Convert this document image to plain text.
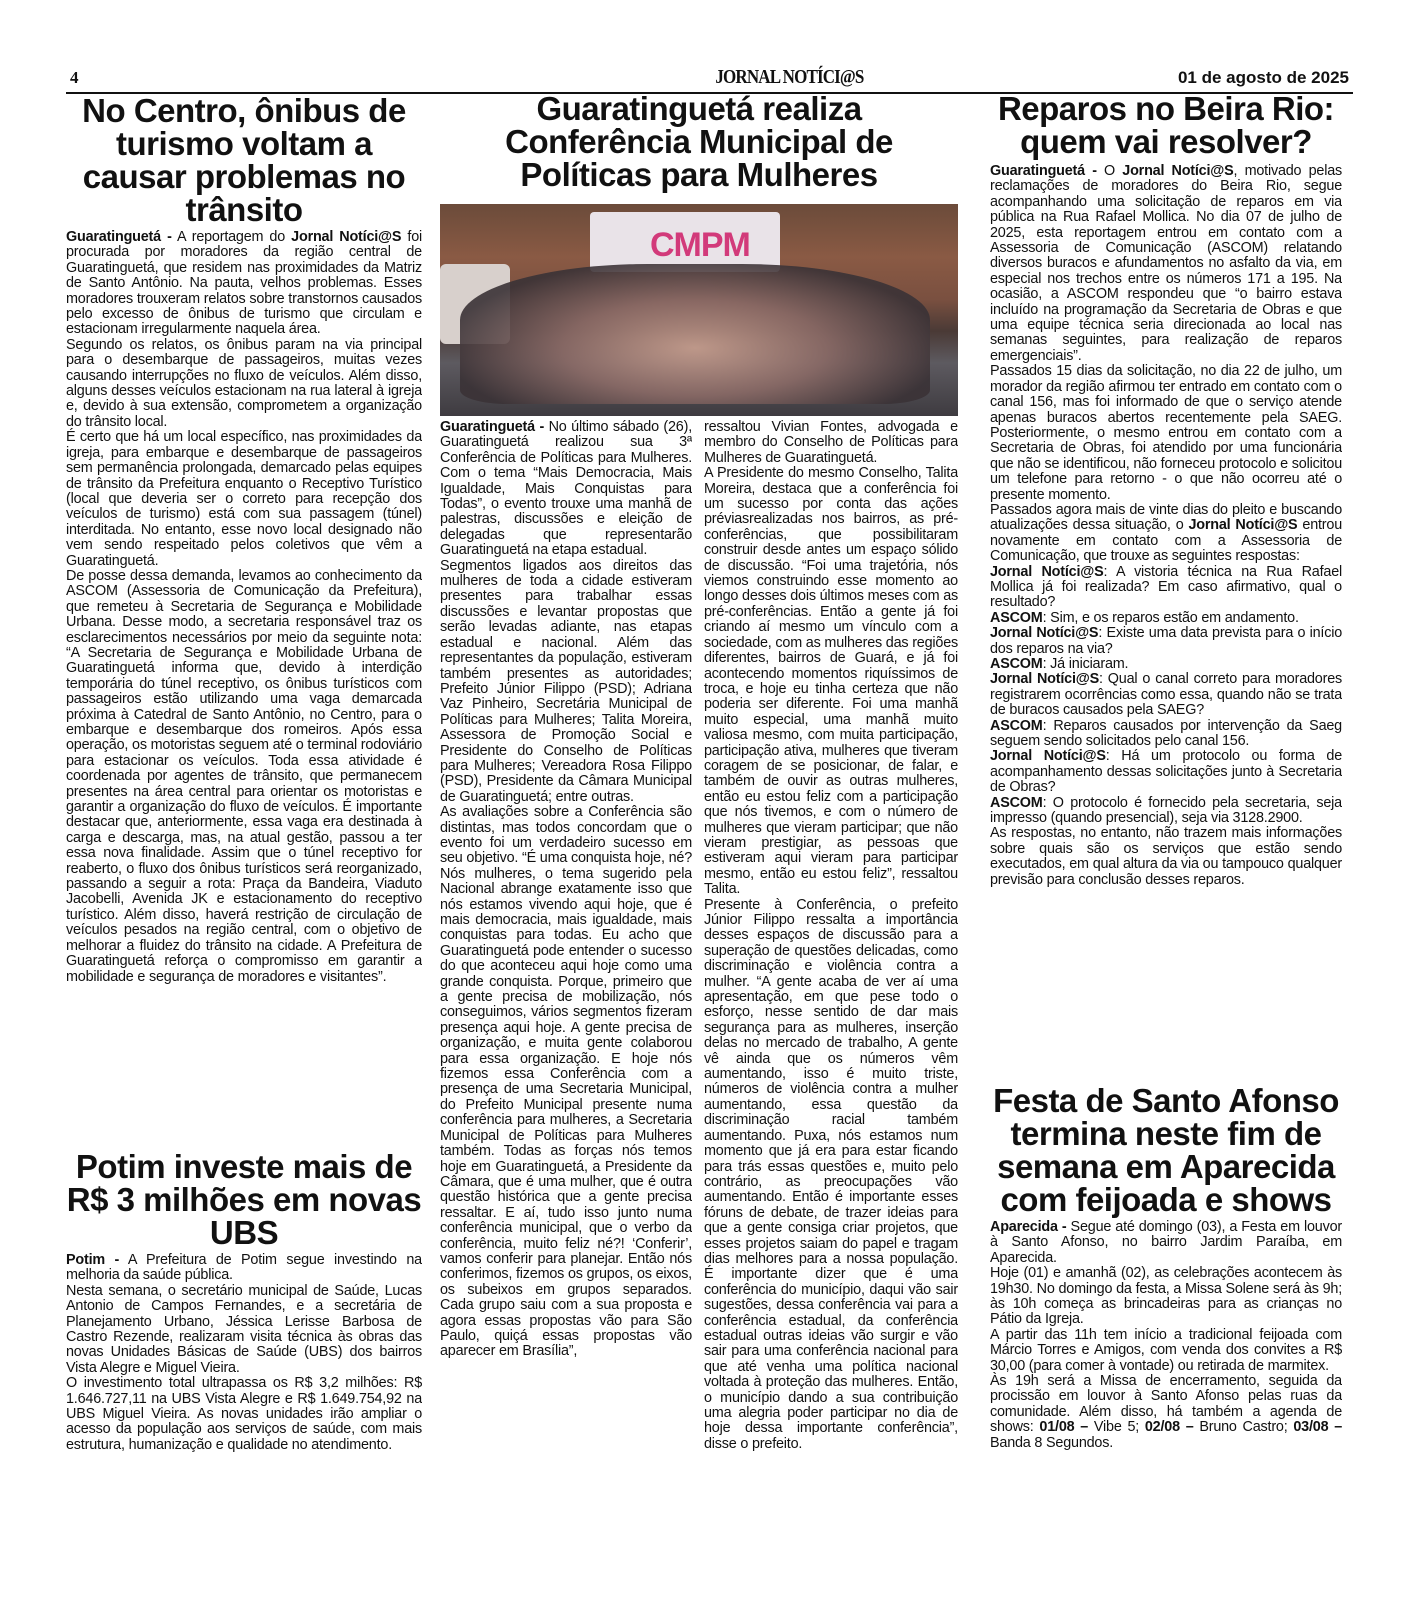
4	JORNAL NOTÍCI@S	01 de agosto de 2025
No Centro, ônibus de turismo voltam a causar problemas no trânsito

Guaratinguetá - A reportagem do Jornal Notíci@S foi procurada por moradores da região central de Guaratinguetá, que residem nas proximidades da Matriz de Santo Antônio. Na pauta, velhos problemas. Esses moradores trouxeram relatos sobre transtornos causados pelo excesso de ônibus de turismo que circulam e estacionam irregularmente naquela área.

Segundo os relatos, os ônibus param na via principal para o desembarque de passageiros, muitas vezes causando interrupções no fluxo de veículos. Além disso, alguns desses veículos estacionam na rua lateral à igreja e, devido à sua extensão, comprometem a organização do trânsito local.

É certo que há um local específico, nas proximidades da igreja, para embarque e desembarque de passageiros sem permanência prolongada, demarcado pelas equipes de trânsito da Prefeitura enquanto o Receptivo Turístico (local que deveria ser o correto para recepção dos veículos de turismo) está com sua passagem (túnel) interditada. No entanto, esse novo local designado não vem sendo respeitado pelos coletivos que vêm a Guaratinguetá.

De posse dessa demanda, levamos ao conhecimento da ASCOM (Assessoria de Comunicação da Prefeitura), que remeteu à Secretaria de Segurança e Mobilidade Urbana. Desse modo, a secretaria responsável traz os esclarecimentos necessários por meio da seguinte nota: “A Secretaria de Segurança e Mobilidade Urbana de Guaratinguetá informa que, devido à interdição temporária do túnel receptivo, os ônibus turísticos com passageiros estão utilizando uma vaga demarcada próxima à Catedral de Santo Antônio, no Centro, para o embarque e desembarque dos romeiros. Após essa operação, os motoristas seguem até o terminal rodoviário para estacionar os veículos. Toda essa atividade é coordenada por agentes de trânsito, que permanecem presentes na área central para orientar os motoristas e garantir a organização do fluxo de veículos. É importante destacar que, anteriormente, essa vaga era destinada à carga e descarga, mas, na atual gestão, passou a ter essa nova finalidade. Assim que o túnel receptivo for reaberto, o fluxo dos ônibus turísticos será reorganizado, passando a seguir a rota: Praça da Bandeira, Viaduto Jacobelli, Avenida JK e estacionamento do receptivo turístico. Além disso, haverá restrição de circulação de veículos pesados na região central, com o objetivo de melhorar a fluidez do trânsito na cidade. A Prefeitura de Guaratinguetá reforça o compromisso em garantir a mobilidade e segurança de moradores e visitantes”.

Potim investe mais de R$ 3 milhões em novas UBS

Potim - A Prefeitura de Potim segue investindo na melhoria da saúde pública.

Nesta semana, o secretário municipal de Saúde, Lucas Antonio de Campos Fernandes, e a secretária de Planejamento Urbano, Jéssica Lerisse Barbosa de Castro Rezende, realizaram visita técnica às obras das novas Unidades Básicas de Saúde (UBS) dos bairros Vista Alegre e Miguel Vieira.

O investimento total ultrapassa os R$ 3,2 milhões: R$ 1.646.727,11 na UBS Vista Alegre e R$ 1.649.754,92 na UBS Miguel Vieira. As novas unidades irão ampliar o acesso da população aos serviços de saúde, com mais estrutura, humanização e qualidade no atendimento.

Guaratinguetá realiza Conferência Municipal de Políticas para Mulheres
CMPM

Guaratinguetá - No último sábado (26), Guaratinguetá realizou sua 3ª Conferência de Políticas para Mulheres. Com o tema “Mais Democracia, Mais Igualdade, Mais Conquistas para Todas”, o evento trouxe uma manhã de palestras, discussões e eleição de delegadas que representarão Guaratinguetá na etapa estadual.

Segmentos ligados aos direitos das mulheres de toda a cidade estiveram presentes para trabalhar essas discussões e levantar propostas que serão levadas adiante, nas etapas estadual e nacional. Além das representantes da população, estiveram também presentes as autoridades; Prefeito Júnior Filippo (PSD); Adriana Vaz Pinheiro, Secretária Municipal de Políticas para Mulheres; Talita Moreira, Assessora de Promoção Social e Presidente do Conselho de Políticas para Mulheres; Vereadora Rosa Filippo (PSD), Presidente da Câmara Municipal de Guaratinguetá; entre outras.

As avaliações sobre a Conferência são distintas, mas todos concordam que o evento foi um verdadeiro sucesso em seu objetivo. “É uma conquista hoje, né? Nós mulheres, o tema sugerido pela Nacional abrange exatamente isso que nós estamos vivendo aqui hoje, que é mais democracia, mais igualdade, mais conquistas para todas. Eu acho que Guaratinguetá pode entender o sucesso do que aconteceu aqui hoje como uma grande conquista. Porque, primeiro que a gente precisa de mobilização, nós conseguimos, vários segmentos fizeram presença aqui hoje. A gente precisa de organização, e muita gente colaborou para essa organização. E hoje nós fizemos essa Conferência com a presença de uma Secretaria Municipal, do Prefeito Municipal presente numa conferência para mulheres, a Secretaria Municipal de Políticas para Mulheres também. Todas as forças nós temos hoje em Guaratinguetá, a Presidente da Câmara, que é uma mulher, que é outra questão histórica que a gente precisa ressaltar. E aí, tudo isso junto numa conferência municipal, que o verbo da conferência, muito feliz né?! ‘Conferir’, vamos conferir para planejar. Então nós conferimos, fizemos os grupos, os eixos, os subeixos em grupos separados. Cada grupo saiu com a sua proposta e agora essas propostas vão para São Paulo, quiçá essas propostas vão aparecer em Brasília”,

ressaltou Vivian Fontes, advogada e membro do Conselho de Políticas para Mulheres de Guaratinguetá.

A Presidente do mesmo Conselho, Talita Moreira, destaca que a conferência foi um sucesso por conta das ações préviasrealizadas nos bairros, as pré-conferências, que possibilitaram construir desde antes um espaço sólido de discussão. “Foi uma trajetória, nós viemos construindo esse momento ao longo desses dois últimos meses com as pré-conferências. Então a gente já foi criando aí mesmo um vínculo com a sociedade, com as mulheres das regiões diferentes, bairros de Guará, e já foi acontecendo momentos riquíssimos de troca, e hoje eu tinha certeza que não poderia ser diferente. Foi uma manhã muito especial, uma manhã muito valiosa mesmo, com muita participação, participação ativa, mulheres que tiveram coragem de se posicionar, de falar, e também de ouvir as outras mulheres, então eu estou feliz com a participação que nós tivemos, e com o número de mulheres que vieram participar; que não vieram prestigiar, as pessoas que estiveram aqui vieram para participar mesmo, então eu estou feliz”, ressaltou Talita.

Presente à Conferência, o prefeito Júnior Filippo ressalta a importância desses espaços de discussão para a superação de questões delicadas, como discriminação e violência contra a mulher. “A gente acaba de ver aí uma apresentação, em que pese todo o esforço, nesse sentido de dar mais segurança para as mulheres, inserção delas no mercado de trabalho, A gente vê ainda que os números vêm aumentando, isso é muito triste, números de violência contra a mulher aumentando, essa questão da discriminação racial também aumentando. Puxa, nós estamos num momento que já era para estar ficando para trás essas questões e, muito pelo contrário, as preocupações vão aumentando. Então é importante esses fóruns de debate, de trazer ideias para que a gente consiga criar projetos, que esses projetos saiam do papel e tragam dias melhores para a nossa população. É importante dizer que é uma conferência do município, daqui vão sair sugestões, dessa conferência vai para a conferência estadual, da conferência estadual outras ideias vão surgir e vão sair para uma conferência nacional para que até venha uma política nacional voltada à proteção das mulheres. Então, o município dando a sua contribuição uma alegria poder participar no dia de hoje dessa importante conferência”, disse o prefeito.

Reparos no Beira Rio: quem vai resolver?

Guaratinguetá - O Jornal Notíci@S, motivado pelas reclamações de moradores do Beira Rio, segue acompanhando uma solicitação de reparos em via pública na Rua Rafael Mollica. No dia 07 de julho de 2025, esta reportagem entrou em contato com a Assessoria de Comunicação (ASCOM) relatando diversos buracos e afundamentos no asfalto da via, em especial nos trechos entre os números 171 a 195. Na ocasião, a ASCOM respondeu que “o bairro estava incluído na programação da Secretaria de Obras e que uma equipe técnica seria direcionada ao local nas semanas seguintes, para realização de reparos emergenciais”.

Passados 15 dias da solicitação, no dia 22 de julho, um morador da região afirmou ter entrado em contato com o canal 156, mas foi informado de que o serviço atende apenas buracos abertos recentemente pela SAEG. Posteriormente, o mesmo entrou em contato com a Secretaria de Obras, foi atendido por uma funcionária que não se identificou, não forneceu protocolo e solicitou um telefone para retorno - o que não ocorreu até o presente momento.

Passados agora mais de vinte dias do pleito e buscando atualizações dessa situação, o Jornal Notíci@S entrou novamente em contato com a Assessoria de Comunicação, que trouxe as seguintes respostas:

Jornal Notíci@S: A vistoria técnica na Rua Rafael Mollica já foi realizada? Em caso afirmativo, qual o resultado?

ASCOM: Sim, e os reparos estão em andamento.

Jornal Notíci@S: Existe uma data prevista para o início dos reparos na via?

ASCOM: Já iniciaram.

Jornal Notíci@S: Qual o canal correto para moradores registrarem ocorrências como essa, quando não se trata de buracos causados pela SAEG?

ASCOM: Reparos causados por intervenção da Saeg seguem sendo solicitados pelo canal 156.

Jornal Notíci@S: Há um protocolo ou forma de acompanhamento dessas solicitações junto à Secretaria de Obras?

ASCOM: O protocolo é fornecido pela secretaria, seja impresso (quando presencial), seja via 3128.2900.

As respostas, no entanto, não trazem mais informações sobre quais são os serviços que estão sendo executados, em qual altura da via ou tampouco qualquer previsão para conclusão desses reparos.

Festa de Santo Afonso termina neste fim de semana em Aparecida com feijoada e shows

Aparecida - Segue até domingo (03), a Festa em louvor à Santo Afonso, no bairro Jardim Paraíba, em Aparecida.

Hoje (01) e amanhã (02), as celebrações acontecem às 19h30. No domingo da festa, a Missa Solene será às 9h; às 10h começa as brincadeiras para as crianças no Pátio da Igreja.

A partir das 11h tem início a tradicional feijoada com Márcio Torres e Amigos, com venda dos convites a R$ 30,00 (para comer à vontade) ou retirada de marmitex.

Às 19h será a Missa de encerramento, seguida da procissão em louvor à Santo Afonso pelas ruas da comunidade. Além disso, há também a agenda de shows: 01/08 – Vibe 5; 02/08 – Bruno Castro; 03/08 – Banda 8 Segundos.
